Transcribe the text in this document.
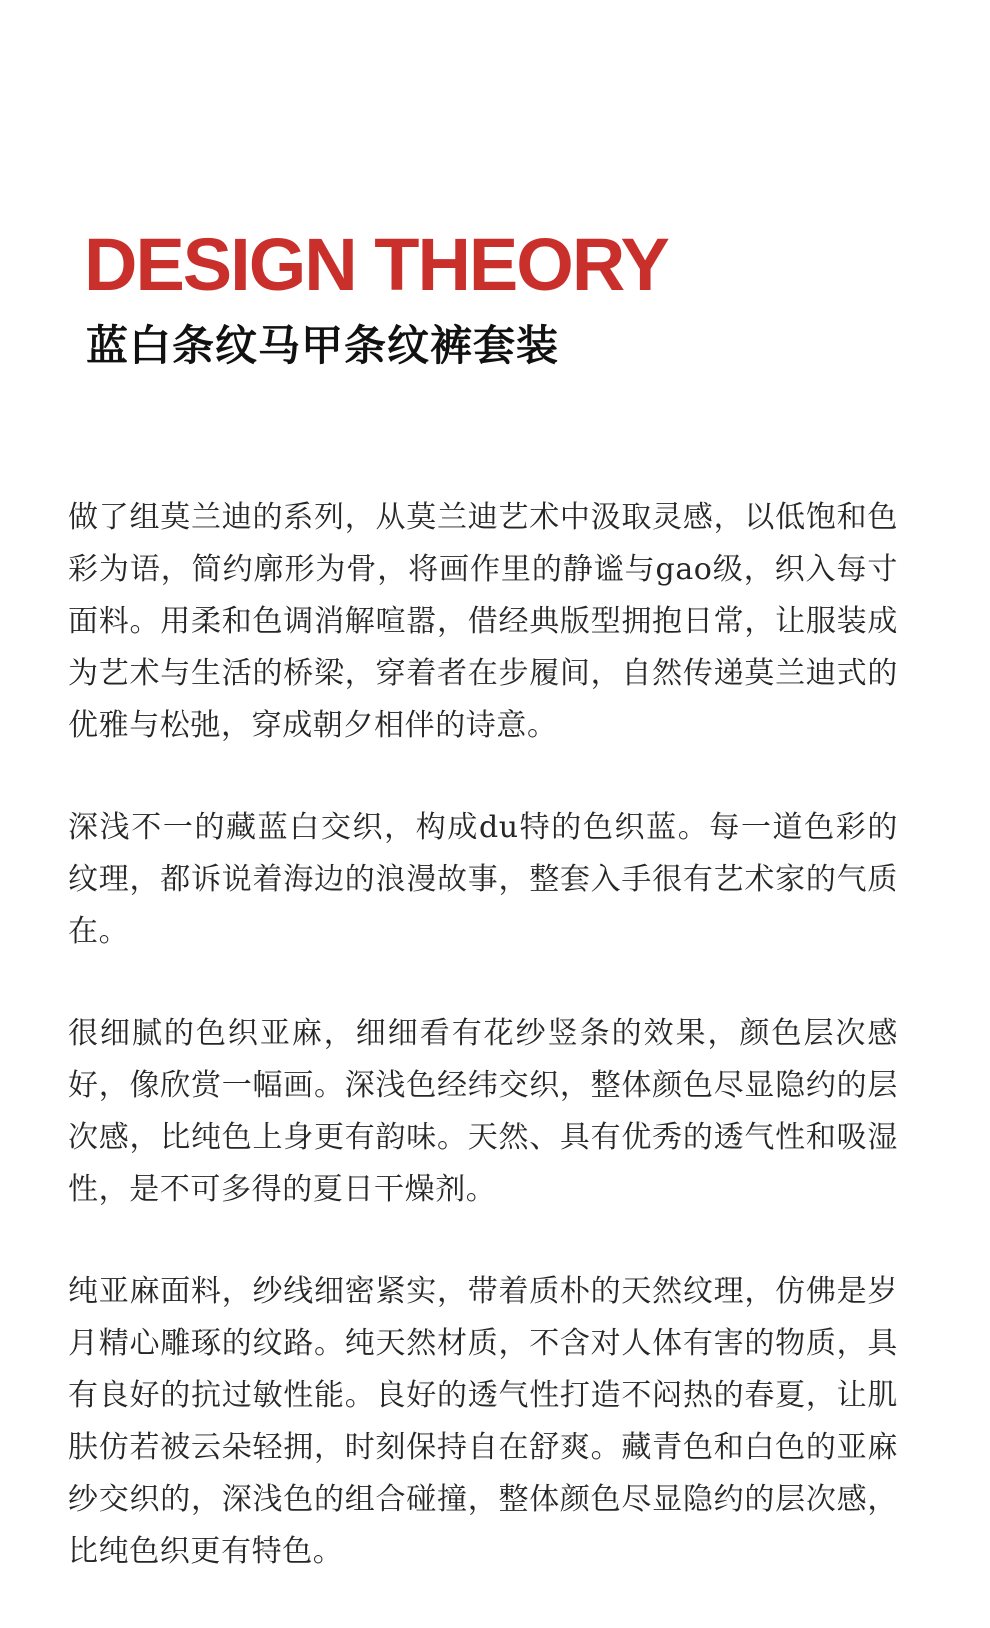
DESIGN THEORY
蓝白条纹马甲条纹裤套装

做了组莫兰迪的系列，从莫兰迪艺术中汲取灵感，以低饱和色彩为语，简约廓形为骨，将画作里的静谧与gao级，织入每寸面料。用柔和色调消解喧嚣，借经典版型拥抱日常，让服装成为艺术与生活的桥梁，穿着者在步履间，自然传递莫兰迪式的优雅与松弛，穿成朝夕相伴的诗意。

深浅不一的藏蓝白交织，构成du特的色织蓝。每一道色彩的纹理，都诉说着海边的浪漫故事，整套入手很有艺术家的气质在。

很细腻的色织亚麻，细细看有花纱竖条的效果，颜色层次感好，像欣赏一幅画。深浅色经纬交织，整体颜色尽显隐约的层次感，比纯色上身更有韵味。天然、具有优秀的透气性和吸湿性，是不可多得的夏日干燥剂。

纯亚麻面料，纱线细密紧实，带着质朴的天然纹理，仿佛是岁月精心雕琢的纹路。纯天然材质，不含对人体有害的物质，具有良好的抗过敏性能。良好的透气性打造不闷热的春夏，让肌肤仿若被云朵轻拥，时刻保持自在舒爽。藏青色和白色的亚麻纱交织的，深浅色的组合碰撞，整体颜色尽显隐约的层次感，比纯色织更有特色。
